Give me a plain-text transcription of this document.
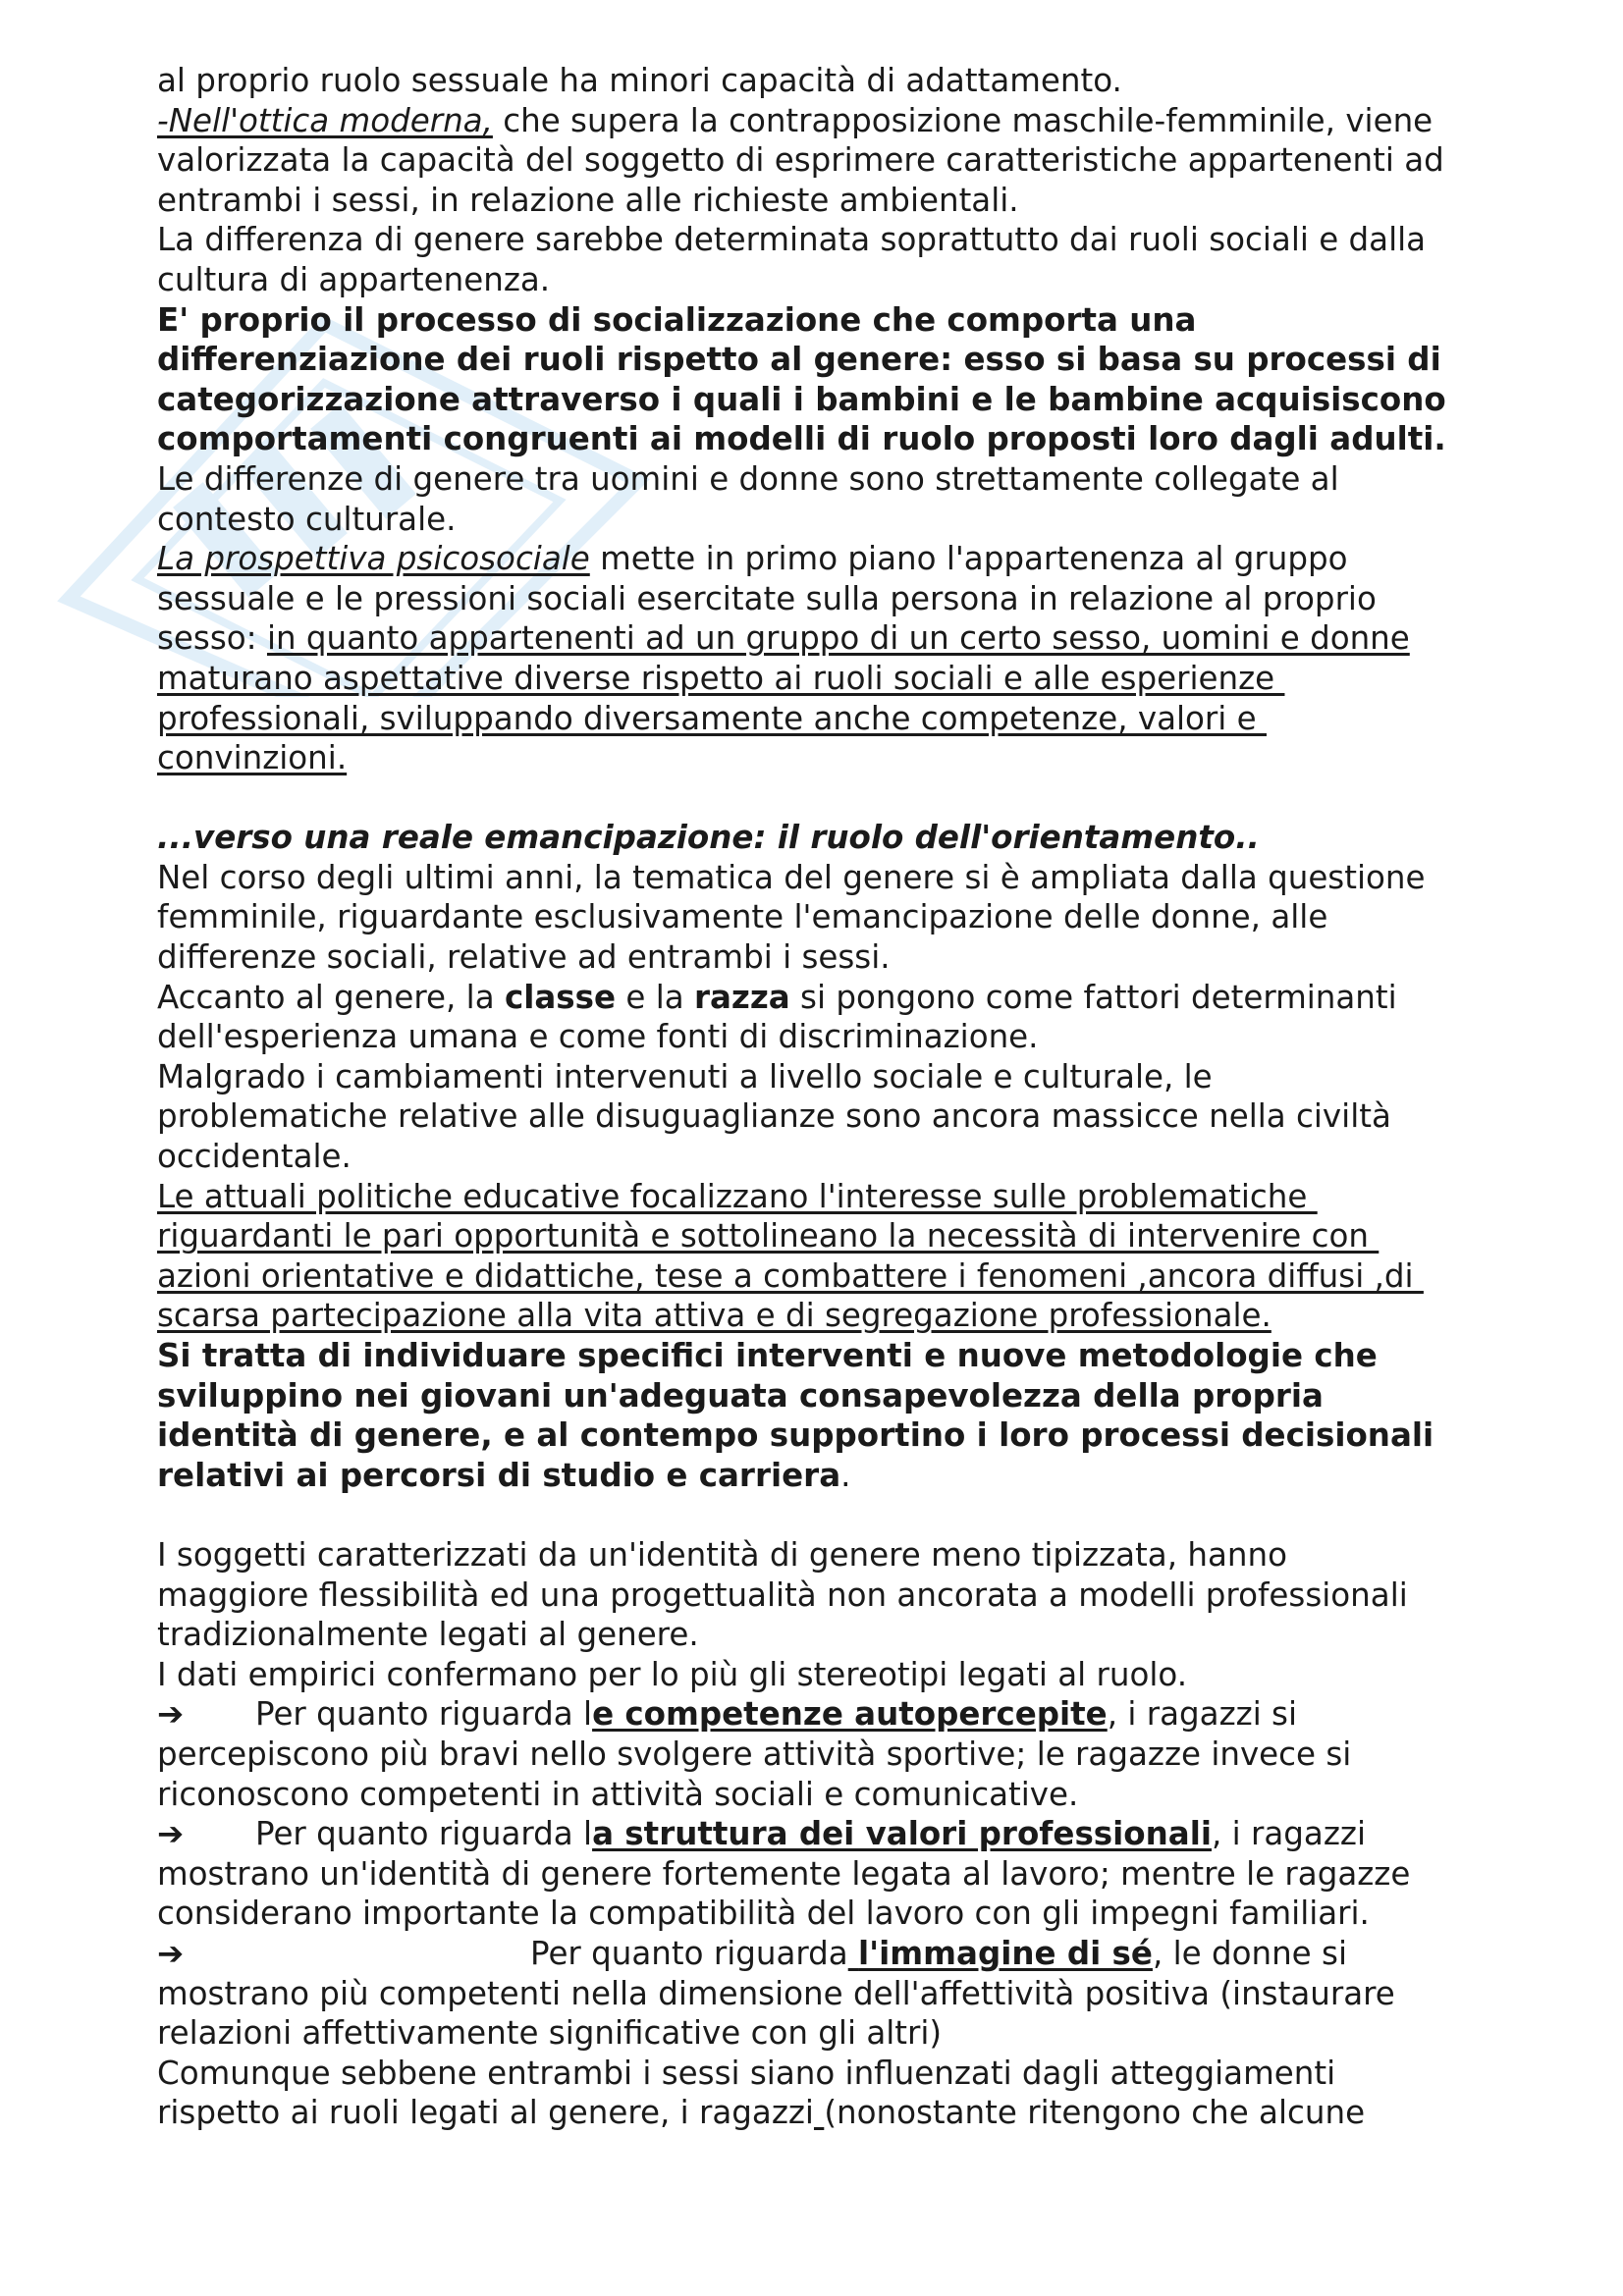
al proprio ruolo sessuale ha minori capacità di adattamento.
-Nell'ottica moderna, che supera la contrapposizione maschile-femminile, viene
valorizzata la capacità del soggetto di esprimere caratteristiche appartenenti ad
entrambi i sessi, in relazione alle richieste ambientali.
La differenza di genere sarebbe determinata soprattutto dai ruoli sociali e dalla
cultura di appartenenza.
E' proprio il processo di socializzazione che comporta una
differenziazione dei ruoli rispetto al genere: esso si basa su processi di
categorizzazione attraverso i quali i bambini e le bambine acquisiscono
comportamenti congruenti ai modelli di ruolo proposti loro dagli adulti.
Le differenze di genere tra uomini e donne sono strettamente collegate al
contesto culturale.
La prospettiva psicosociale mette in primo piano l'appartenenza al gruppo
sessuale e le pressioni sociali esercitate sulla persona in relazione al proprio
sesso: in quanto appartenenti ad un gruppo di un certo sesso, uomini e donne
maturano aspettative diverse rispetto ai ruoli sociali e alle esperienze
professionali, sviluppando diversamente anche competenze, valori e
convinzioni.
...verso una reale emancipazione: il ruolo dell'orientamento..
Nel corso degli ultimi anni, la tematica del genere si è ampliata dalla questione
femminile, riguardante esclusivamente l'emancipazione delle donne, alle
differenze sociali, relative ad entrambi i sessi.
Accanto al genere, la classe e la razza si pongono come fattori determinanti
dell'esperienza umana e come fonti di discriminazione.
Malgrado i cambiamenti intervenuti a livello sociale e culturale, le
problematiche relative alle disuguaglianze sono ancora massicce nella civiltà
occidentale.
Le attuali politiche educative focalizzano l'interesse sulle problematiche
riguardanti le pari opportunità e sottolineano la necessità di intervenire con
azioni orientative e didattiche, tese a combattere i fenomeni ,ancora diffusi ,di
scarsa partecipazione alla vita attiva e di segregazione professionale.
Si tratta di individuare specifici interventi e nuove metodologie che
sviluppino nei giovani un'adeguata consapevolezza della propria
identità di genere, e al contempo supportino i loro processi decisionali
relativi ai percorsi di studio e carriera.
I soggetti caratterizzati da un'identità di genere meno tipizzata, hanno
maggiore flessibilità ed una progettualità non ancorata a modelli professionali
tradizionalmente legati al genere.
I dati empirici confermano per lo più gli stereotipi legati al ruolo.
➔ Per quanto riguarda le competenze autopercepite, i ragazzi si
percepiscono più bravi nello svolgere attività sportive; le ragazze invece si
riconoscono competenti in attività sociali e comunicative.
➔ Per quanto riguarda la struttura dei valori professionali, i ragazzi
mostrano un'identità di genere fortemente legata al lavoro; mentre le ragazze
considerano importante la compatibilità del lavoro con gli impegni familiari.
➔	Per quanto riguarda l'immagine di sé, le donne si
mostrano più competenti nella dimensione dell'affettività positiva (instaurare
relazioni affettivamente significative con gli altri)
Comunque sebbene entrambi i sessi siano influenzati dagli atteggiamenti
rispetto ai ruoli legati al genere, i ragazzi (nonostante ritengono che alcune
